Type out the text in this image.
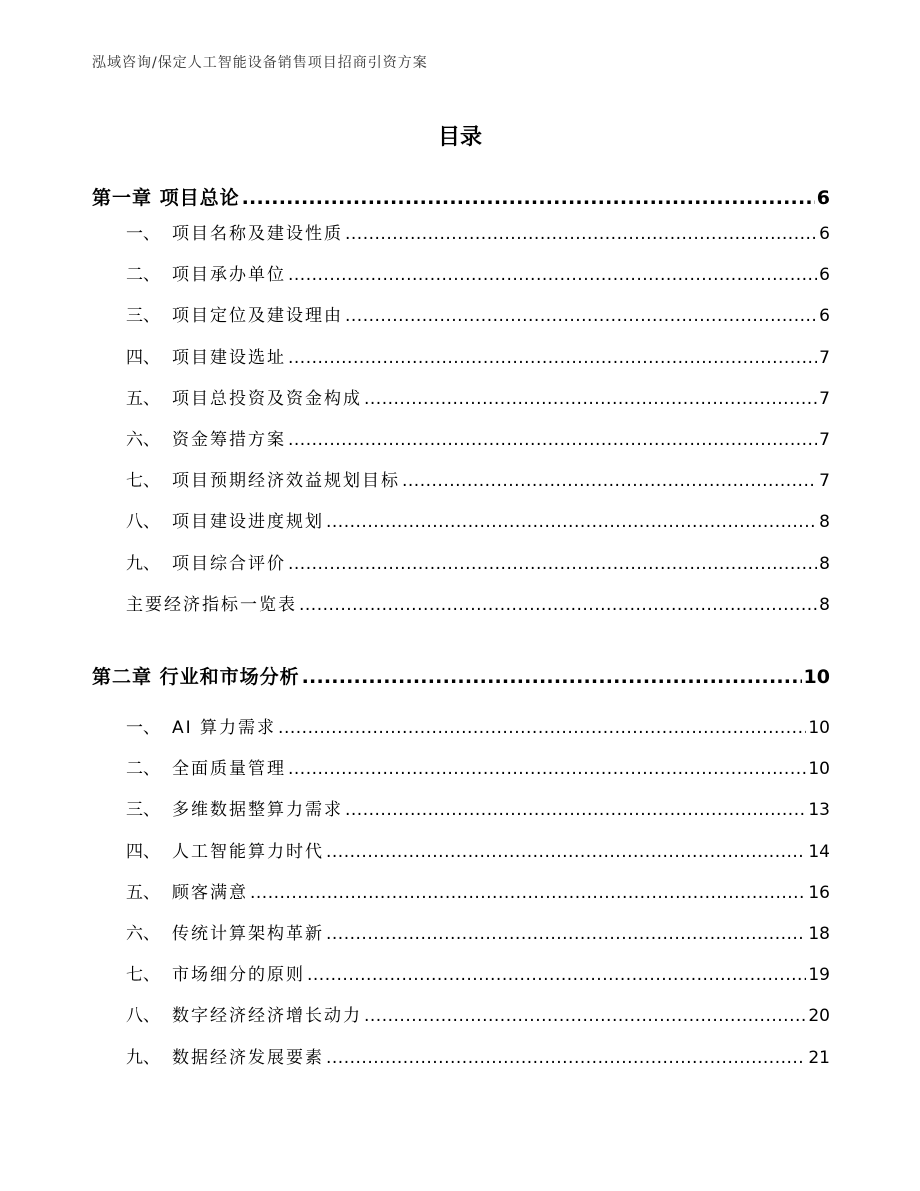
泓域咨询/保定人工智能设备销售项目招商引资方案
目录
第一章 项目总论 .....	6
一、 项目名称及建设性质 .....	6
二、 项目承办单位 .....	6
三、 项目定位及建设理由 .....	6
四、 项目建设选址 .....	7
五、 项目总投资及资金构成 .....	7
六、 资金筹措方案 .....	7
七、 项目预期经济效益规划目标 .....	7
八、 项目建设进度规划 .....	8
九、 项目综合评价 .....	8
主要经济指标一览表 .....	8
第二章 行业和市场分析 .....	10
一、 AI 算力需求 .....	10
二、 全面质量管理 .....	10
三、 多维数据整算力需求 .....	13
四、 人工智能算力时代 .....	14
五、 顾客满意 .....	16
六、 传统计算架构革新 .....	18
七、 市场细分的原则 .....	19
八、 数字经济经济增长动力 .....	20
九、 数据经济发展要素 .....	21
